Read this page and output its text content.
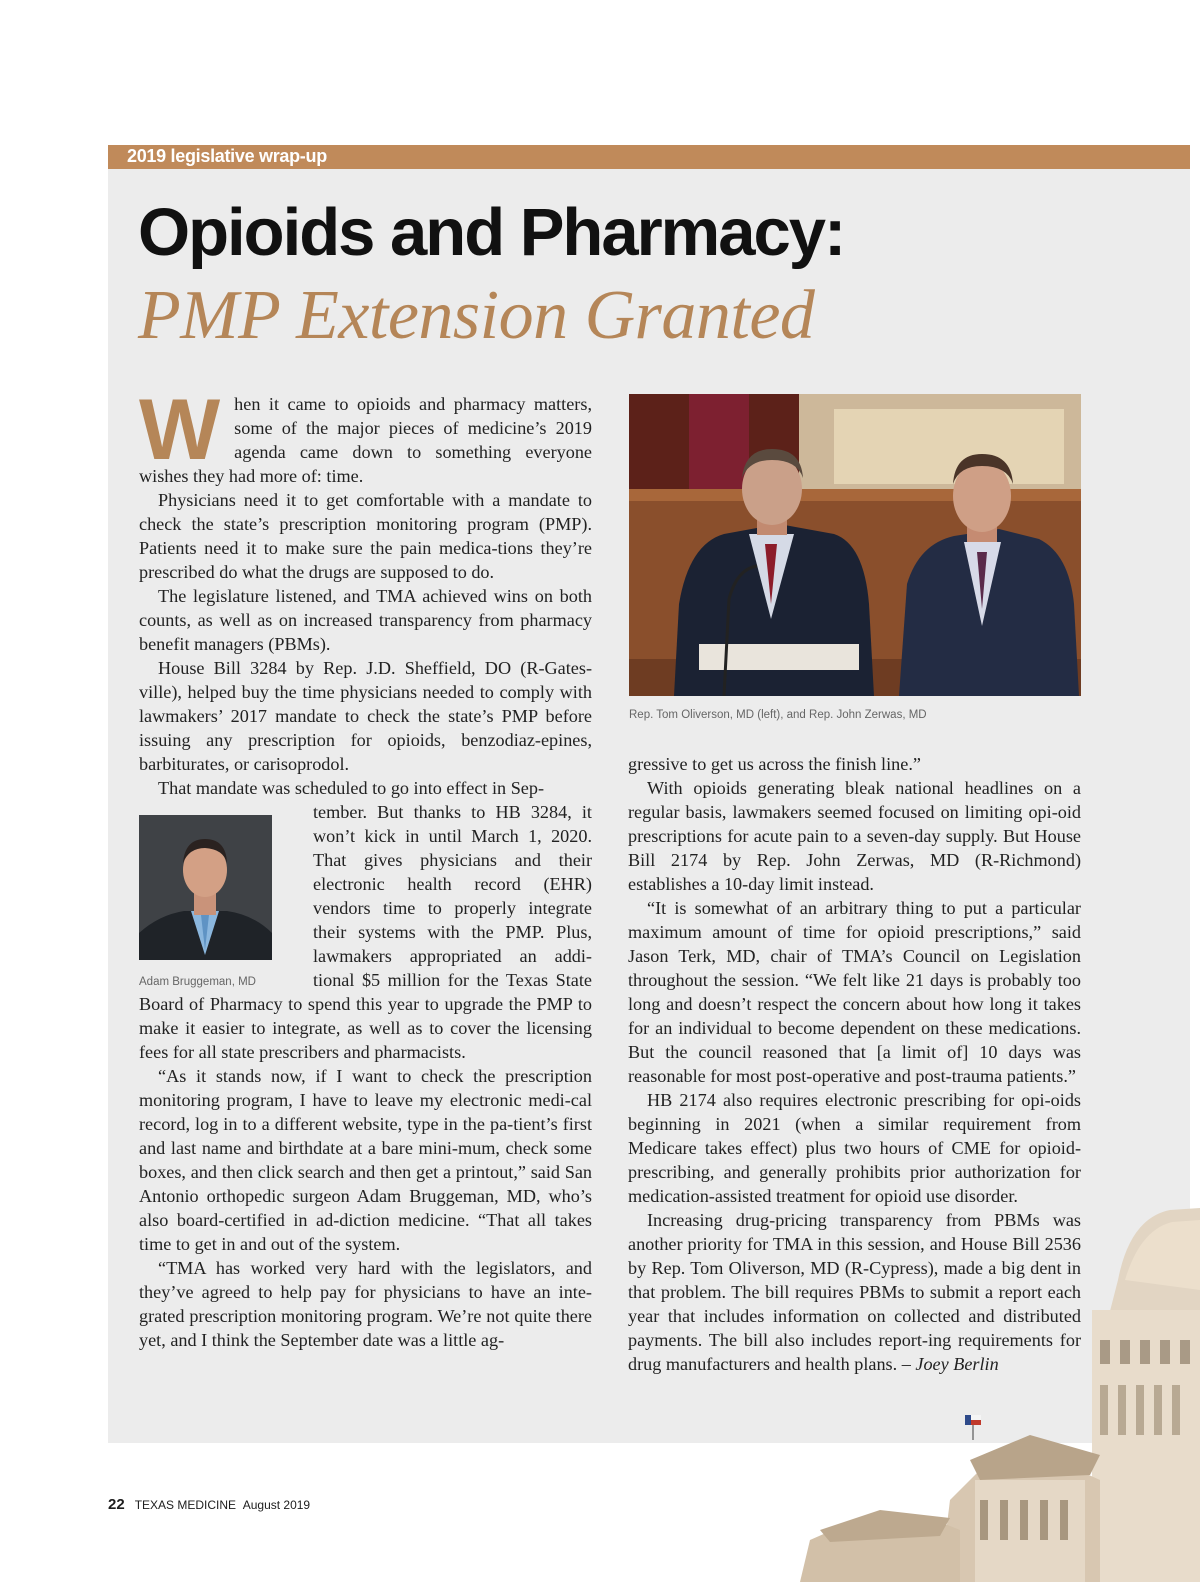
2019 legislative wrap-up
Opioids and Pharmacy:
PMP Extension Granted

When it came to opioids and pharmacy matters, some of the major pieces of medicine’s 2019 agenda came down to something everyone wishes they had more of: time.

Physicians need it to get comfortable with a mandate to check the state’s prescription monitoring program (PMP). Patients need it to make sure the pain medica-tions they’re prescribed do what the drugs are supposed to do.

The legislature listened, and TMA achieved wins on both counts, as well as on increased transparency from pharmacy benefit managers (PBMs).

House Bill 3284 by Rep. J.D. Sheffield, DO (R-Gates-ville), helped buy the time physicians needed to comply with lawmakers’ 2017 mandate to check the state’s PMP before issuing any prescription for opioids, benzodiaz-epines, barbiturates, or carisoprodol.

That mandate was scheduled to go into effect in Sep-

Adam Bruggeman, MD

tember. But thanks to HB 3284, it won’t kick in until March 1, 2020. That gives physicians and their electronic health record (EHR) vendors time to properly integrate their systems with the PMP. Plus, lawmakers appropriated an addi-tional $5 million for the Texas State Board of Pharmacy to spend this year to upgrade the PMP to make it easier to integrate, as well as to cover the licensing fees for all state prescribers and pharmacists.

“As it stands now, if I want to check the prescription monitoring program, I have to leave my electronic medi-cal record, log in to a different website, type in the pa-tient’s first and last name and birthdate at a bare mini-mum, check some boxes, and then click search and then get a printout,” said San Antonio orthopedic surgeon Adam Bruggeman, MD, who’s also board-certified in ad-diction medicine. “That all takes time to get in and out of the system.

“TMA has worked very hard with the legislators, and they’ve agreed to help pay for physicians to have an inte-grated prescription monitoring program. We’re not quite there yet, and I think the September date was a little ag-

Rep. Tom Oliverson, MD (left), and Rep. John Zerwas, MD

gressive to get us across the finish line.”

With opioids generating bleak national headlines on a regular basis, lawmakers seemed focused on limiting opi-oid prescriptions for acute pain to a seven-day supply. But House Bill 2174 by Rep. John Zerwas, MD (R-Richmond) establishes a 10-day limit instead.

“It is somewhat of an arbitrary thing to put a particular maximum amount of time for opioid prescriptions,” said Jason Terk, MD, chair of TMA’s Council on Legislation throughout the session. “We felt like 21 days is probably too long and doesn’t respect the concern about how long it takes for an individual to become dependent on these medications. But the council reasoned that [a limit of] 10 days was reasonable for most post-operative and post-trauma patients.”

HB 2174 also requires electronic prescribing for opi-oids beginning in 2021 (when a similar requirement from Medicare takes effect) plus two hours of CME for opioid-prescribing, and generally prohibits prior authorization for medication-assisted treatment for opioid use disorder.

Increasing drug-pricing transparency from PBMs was another priority for TMA in this session, and House Bill 2536 by Rep. Tom Oliverson, MD (R-Cypress), made a big dent in that problem. The bill requires PBMs to submit a report each year that includes information on collected and distributed payments. The bill also includes report-ing requirements for drug manufacturers and health plans. – Joey Berlin

22 TEXAS MEDICINE August 2019
